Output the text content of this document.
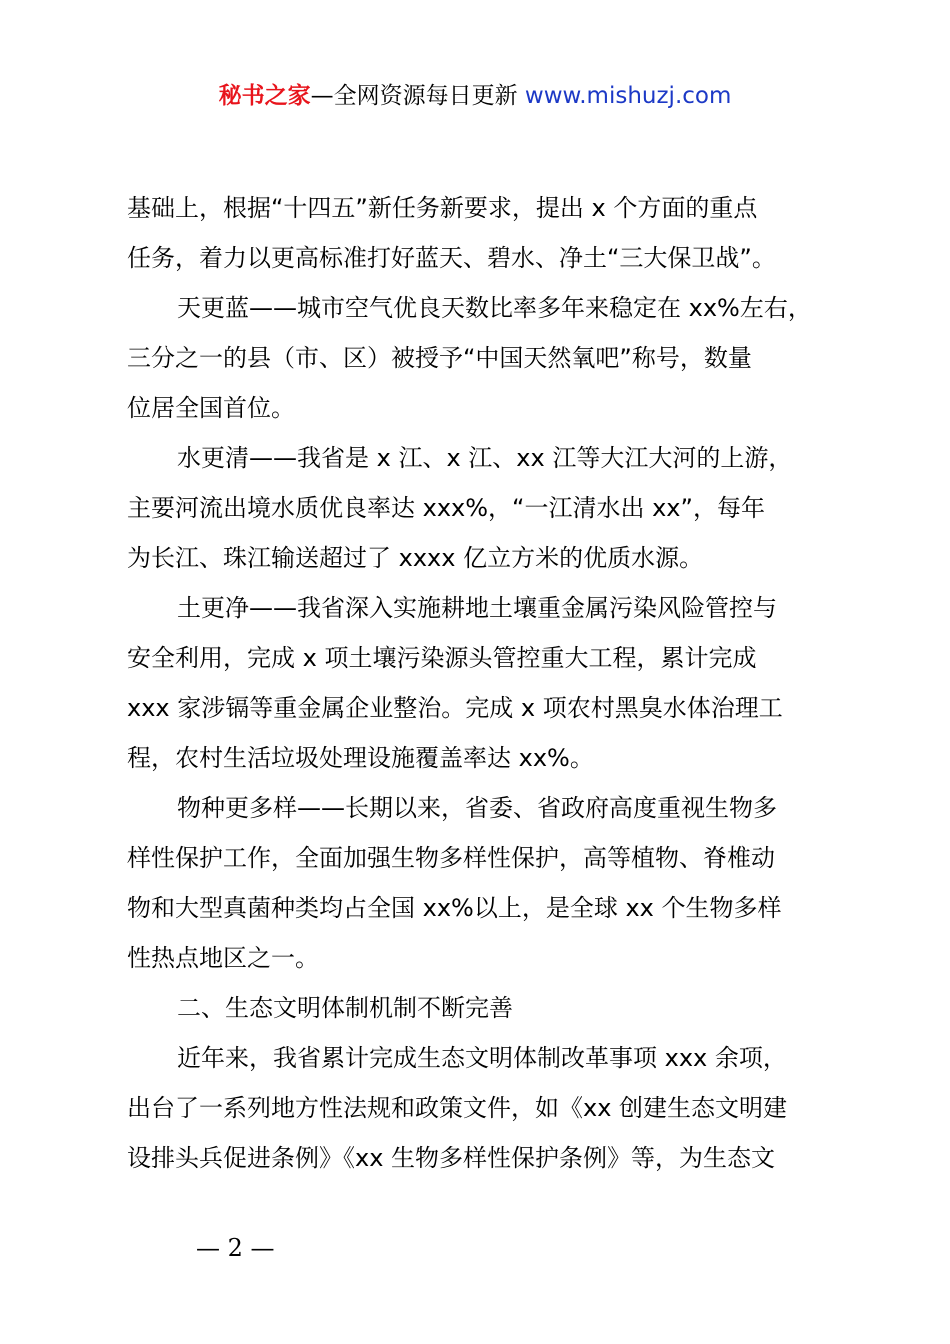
秘书之家—全网资源每日更新 www.mishuzj.com
基础上，根据“十四五”新任务新要求，提出 x 个方面的重点
任务，着力以更高标准打好蓝天、碧水、净土“三大保卫战”。
天更蓝——城市空气优良天数比率多年来稳定在 xx%左右，
三分之一的县（市、区）被授予“中国天然氧吧”称号，数量
位居全国首位。
水更清——我省是 x 江、x 江、xx 江等大江大河的上游，
主要河流出境水质优良率达 xxx%，“一江清水出 xx”，每年
为长江、珠江输送超过了 xxxx 亿立方米的优质水源。
土更净——我省深入实施耕地土壤重金属污染风险管控与
安全利用，完成 x 项土壤污染源头管控重大工程，累计完成
xxx 家涉镉等重金属企业整治。完成 x 项农村黑臭水体治理工
程，农村生活垃圾处理设施覆盖率达 xx%。
物种更多样——长期以来，省委、省政府高度重视生物多
样性保护工作，全面加强生物多样性保护，高等植物、脊椎动
物和大型真菌种类均占全国 xx%以上，是全球 xx 个生物多样
性热点地区之一。
二、生态文明体制机制不断完善
近年来，我省累计完成生态文明体制改革事项 xxx 余项，
出台了一系列地方性法规和政策文件，如《xx 创建生态文明建
设排头兵促进条例》《xx 生物多样性保护条例》等，为生态文
— 2 —
